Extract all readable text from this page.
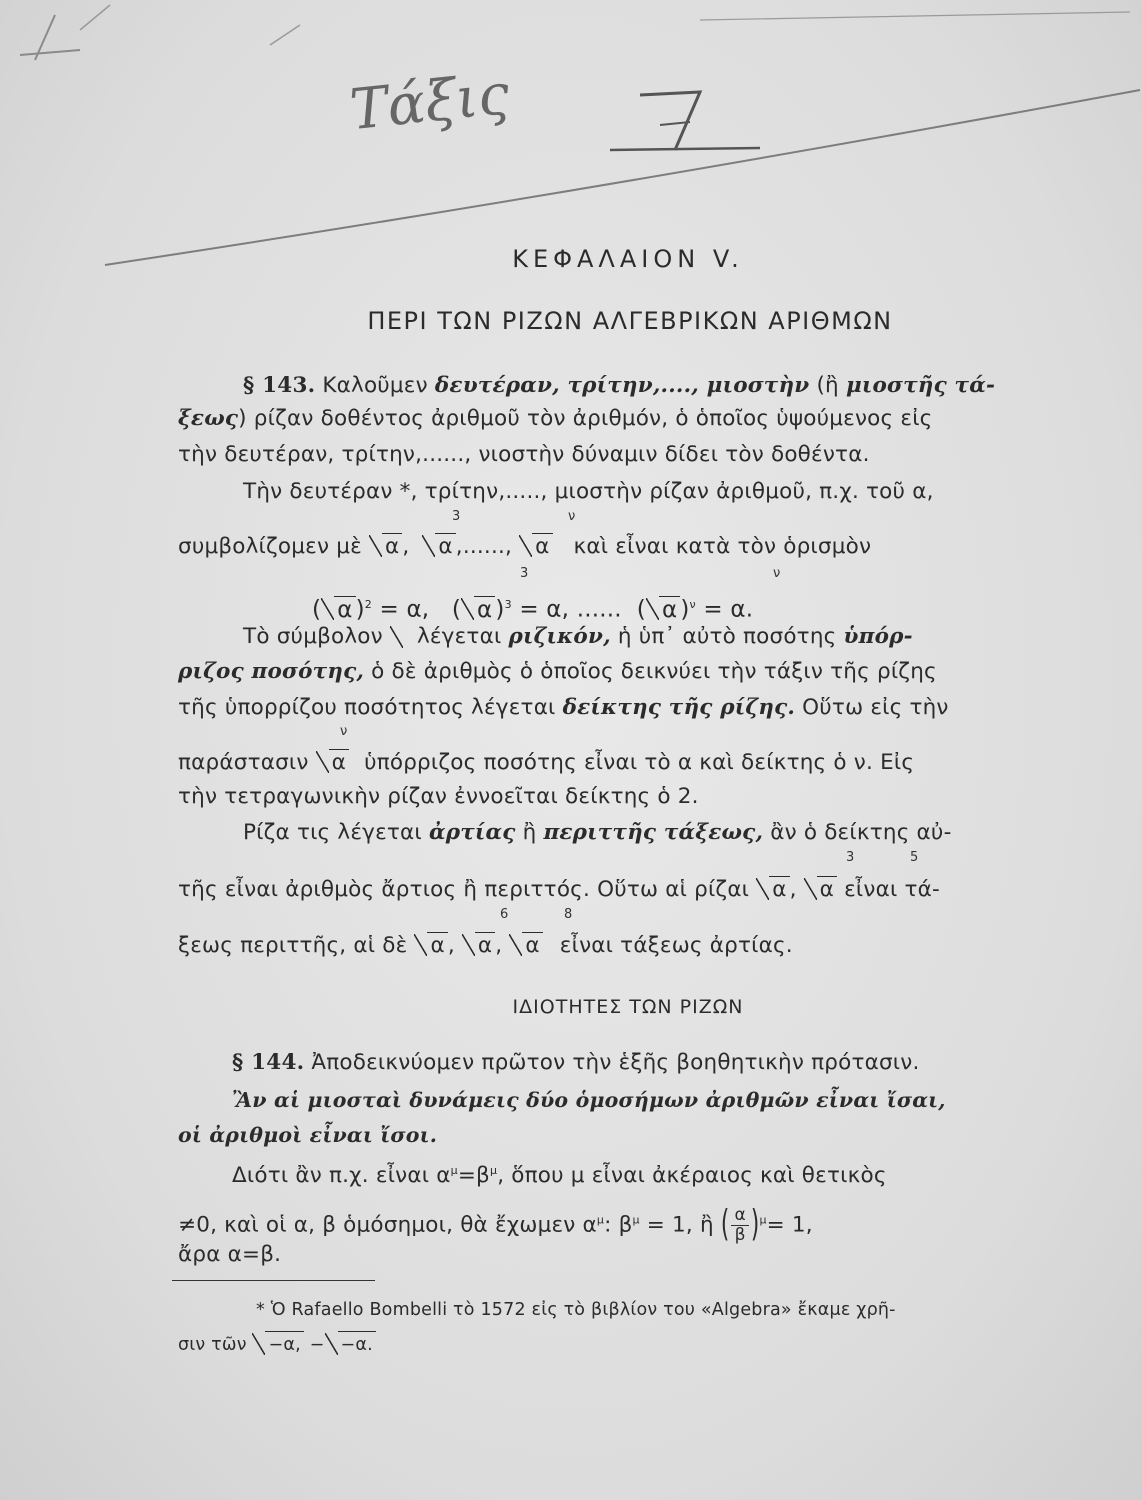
Τάξις
ΚΕΦΑΛΑΙΟΝ V.
ΠΕΡΙ ΤΩΝ ΡΙΖΩΝ ΑΛΓΕΒΡΙΚΩΝ ΑΡΙΘΜΩΝ
§ 143. Καλοῦμεν δευτέραν, τρίτην,...., μιοστὴν (ἢ μιοστῆς τά-
ξεως) ρίζαν δοθέντος ἀριθμοῦ τὸν ἀριθμόν, ὁ ὁποῖος ὑψούμενος εἰς
τὴν δευτέραν, τρίτην,......, νιοστὴν δύναμιν δίδει τὸν δοθέντα.
Τὴν δευτέραν *, τρίτην,....., μιοστὴν ρίζαν ἀριθμοῦ, π.χ. τοῦ α,
συμβολίζομεν μὲ α , α ,......, α καὶ εἶναι κατὰ τὸν ὁρισμὸν
3	ν
( α )$^2$ = α,   ( α )$^3$ = α, ......  ( α )$^\nu$ = α.
3	ν
Τὸ σύμβολον λέγεται ριζικόν, ἡ ὑπ᾽ αὐτὸ ποσότης ὑπόρ-
ριζος ποσότης, ὁ δὲ ἀριθμὸς ὁ ὁποῖος δεικνύει τὴν τάξιν τῆς ρίζης
τῆς ὑπορρίζου ποσότητος λέγεται δείκτης τῆς ρίζης. Οὕτω εἰς τὴν
παράστασιν α ὑπόρριζος ποσότης εἶναι τὸ α καὶ δείκτης ὁ ν. Εἰς
ν
τὴν τετραγωνικὴν ρίζαν ἐννοεῖται δείκτης ὁ 2.
Ρίζα τις λέγεται ἀρτίας ἢ περιττῆς τάξεως, ἂν ὁ δείκτης αὐ-
τῆς εἶναι ἀριθμὸς ἄρτιος ἢ περιττός. Οὕτω αἱ ρίζαι α , α εἶναι τά-
3	5
ξεως περιττῆς, αἱ δὲ α , α , α εἶναι τάξεως ἀρτίας.
6	8
ΙΔΙΟΤΗΤΕΣ ΤΩΝ ΡΙΖΩΝ
§ 144. Ἀποδεικνύομεν πρῶτον τὴν ἑξῆς βοηθητικὴν πρότασιν.
Ἂν αἱ μιοσταὶ δυνάμεις δύο ὁμοσήμων ἀριθμῶν εἶναι ἴσαι,
οἱ ἀριθμοὶ εἶναι ἴσοι.
Διότι ἂν π.χ. εἶναι $\alpha^\mu=\beta^\mu$, ὅπου μ εἶναι ἀκέραιος καὶ θετικὸς
≠0, καὶ οἱ α, β ὁμόσημοι, θὰ ἔχωμεν $\alpha^\mu$: $\beta^\mu = 1$, ἢ ( $\frac{\alpha}{\beta} )^\mu= 1$,
ἄρα α=β.
* Ὁ Rafaello Bombelli τὸ 1572 εἰς τὸ βιβλίον του «Algebra» ἔκαμε χρῆ-
σιν τῶν −α, − −α.
